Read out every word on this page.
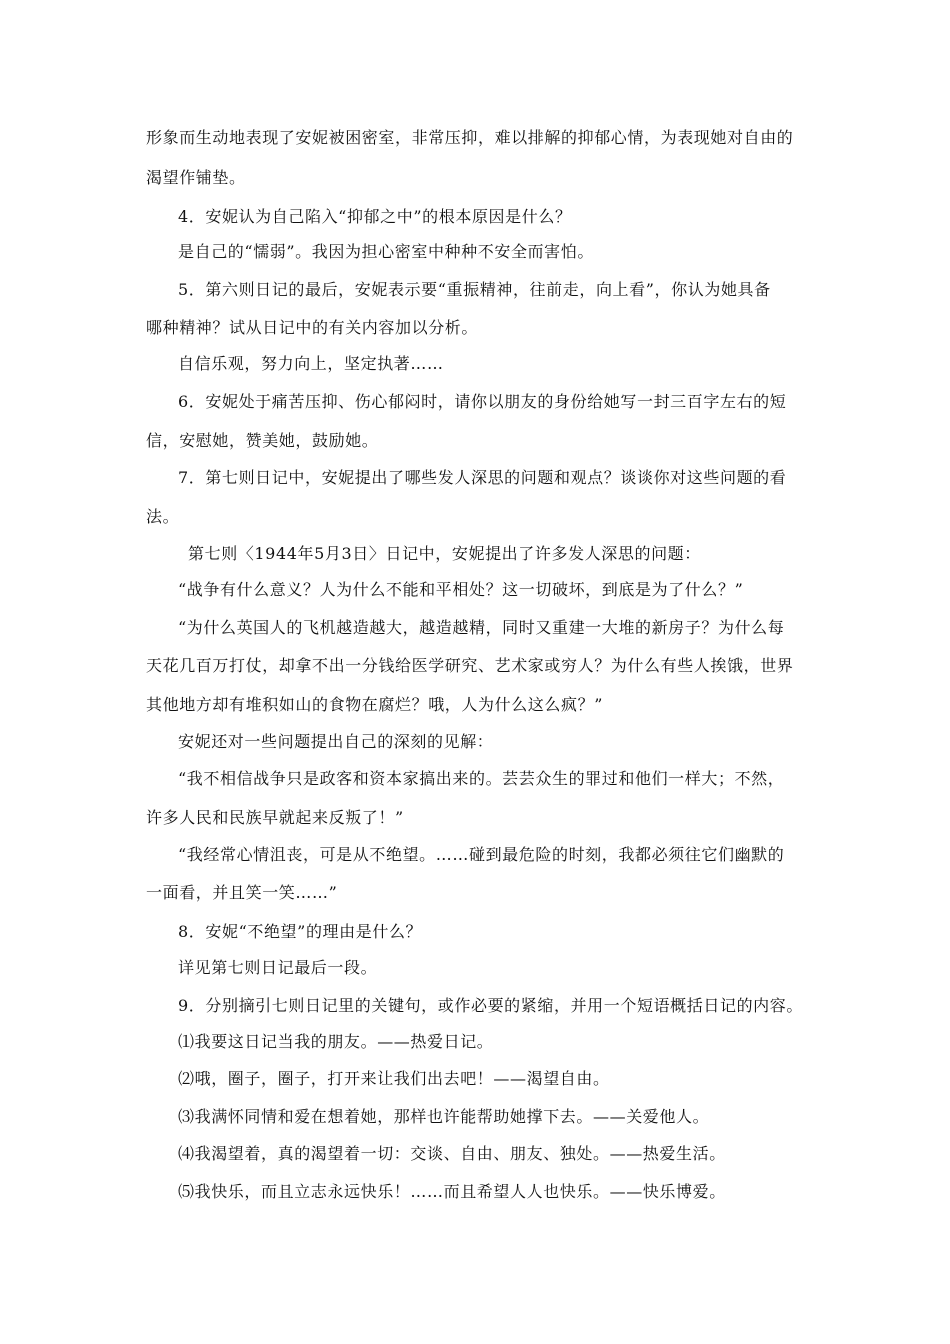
形象而生动地表现了安妮被困密室，非常压抑，难以排解的抑郁心情，为表现她对自由的
渴望作铺垫。
4．安妮认为自己陷入“抑郁之中”的根本原因是什么？
是自己的“懦弱”。我因为担心密室中种种不安全而害怕。
5．第六则日记的最后，安妮表示要“重振精神，往前走，向上看”，你认为她具备
哪种精神？试从日记中的有关内容加以分析。
自信乐观，努力向上，坚定执著……
6．安妮处于痛苦压抑、伤心郁闷时，请你以朋友的身份给她写一封三百字左右的短
信，安慰她，赞美她，鼓励她。
7．第七则日记中，安妮提出了哪些发人深思的问题和观点？谈谈你对这些问题的看
法。
第七则〈1944年5月3日〉日记中，安妮提出了许多发人深思的问题：
“战争有什么意义？人为什么不能和平相处？这一切破坏，到底是为了什么？”
“为什么英国人的飞机越造越大，越造越精，同时又重建一大堆的新房子？为什么每
天花几百万打仗，却拿不出一分钱给医学研究、艺术家或穷人？为什么有些人挨饿，世界
其他地方却有堆积如山的食物在腐烂？哦，人为什么这么疯？”
安妮还对一些问题提出自己的深刻的见解：
“我不相信战争只是政客和资本家搞出来的。芸芸众生的罪过和他们一样大；不然，
许多人民和民族早就起来反叛了！”
“我经常心情沮丧，可是从不绝望。……碰到最危险的时刻，我都必须往它们幽默的
一面看，并且笑一笑……”
8．安妮“不绝望”的理由是什么？
详见第七则日记最后一段。
9．分别摘引七则日记里的关键句，或作必要的紧缩，并用一个短语概括日记的内容。
⑴我要这日记当我的朋友。——热爱日记。
⑵哦，圈子，圈子，打开来让我们出去吧！——渴望自由。
⑶我满怀同情和爱在想着她，那样也许能帮助她撑下去。——关爱他人。
⑷我渴望着，真的渴望着一切：交谈、自由、朋友、独处。——热爱生活。
⑸我快乐，而且立志永远快乐！……而且希望人人也快乐。——快乐博爱。
